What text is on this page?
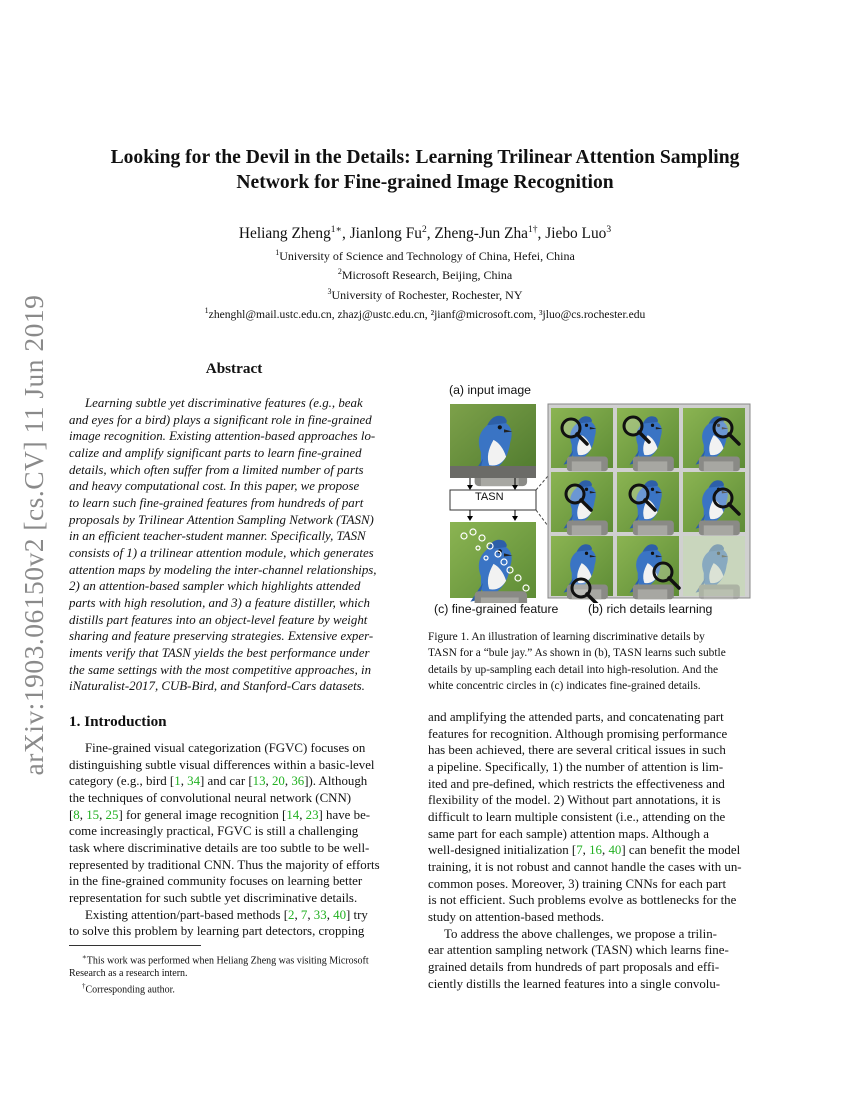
arXiv:1903.06150v2 [cs.CV] 11 Jun 2019
Looking for the Devil in the Details: Learning Trilinear Attention Sampling
Network for Fine-grained Image Recognition
Heliang Zheng$^{1∗}$, Jianlong Fu$^2$, Zheng-Jun Zha$^{1\dagger}$, Jiebo Luo$^3$
$^1$University of Science and Technology of China, Hefei, China
$^2$Microsoft Research, Beijing, China
$^3$University of Rochester, Rochester, NY
$^1$zhenghl@mail.ustc.edu.cn, zhazj@ustc.edu.cn, ²jianf@microsoft.com, ³jluo@cs.rochester.edu
Abstract

Learning subtle yet discriminative features (e.g., beak

and eyes for a bird) plays a significant role in fine-grained

image recognition. Existing attention-based approaches lo-

calize and amplify significant parts to learn fine-grained

details, which often suffer from a limited number of parts

and heavy computational cost. In this paper, we propose

to learn such fine-grained features from hundreds of part

proposals by Trilinear Attention Sampling Network (TASN)

in an efficient teacher-student manner. Specifically, TASN

consists of 1) a trilinear attention module, which generates

attention maps by modeling the inter-channel relationships,

2) an attention-based sampler which highlights attended

parts with high resolution, and 3) a feature distiller, which

distills part features into an object-level feature by weight

sharing and feature preserving strategies. Extensive exper-

iments verify that TASN yields the best performance under

the same settings with the most competitive approaches, in

iNaturalist-2017, CUB-Bird, and Stanford-Cars datasets.

1. Introduction

Fine-grained visual categorization (FGVC) focuses on

distinguishing subtle visual differences within a basic-level

category (e.g., bird [1, 34] and car [13, 20, 36]). Although

the techniques of convolutional neural network (CNN)

[8, 15, 25] for general image recognition [14, 23] have be-

come increasingly practical, FGVC is still a challenging

task where discriminative details are too subtle to be well-

represented by traditional CNN. Thus the majority of efforts

in the fine-grained community focuses on learning better

representation for such subtle yet discriminative details.

Existing attention/part-based methods [2, 7, 33, 40] try

to solve this problem by learning part detectors, cropping

∗This work was performed when Heliang Zheng was visiting Microsoft
Research as a research intern.
†Corresponding author.
(a) input image
TASN
(c) fine-grained feature (b) rich details learning
Figure 1. An illustration of learning discriminative details by
TASN for a “bule jay.” As shown in (b), TASN learns such subtle
details by up-sampling each detail into high-resolution. And the
white concentric circles in (c) indicates fine-grained details.

and amplifying the attended parts, and concatenating part

features for recognition. Although promising performance

has been achieved, there are several critical issues in such

a pipeline. Specifically, 1) the number of attention is lim-

ited and pre-defined, which restricts the effectiveness and

flexibility of the model. 2) Without part annotations, it is

difficult to learn multiple consistent (i.e., attending on the

same part for each sample) attention maps. Although a

well-designed initialization [7, 16, 40] can benefit the model

training, it is not robust and cannot handle the cases with un-

common poses. Moreover, 3) training CNNs for each part

is not efficient. Such problems evolve as bottlenecks for the

study on attention-based methods.

To address the above challenges, we propose a trilin-

ear attention sampling network (TASN) which learns fine-

grained details from hundreds of part proposals and effi-

ciently distills the learned features into a single convolu-
